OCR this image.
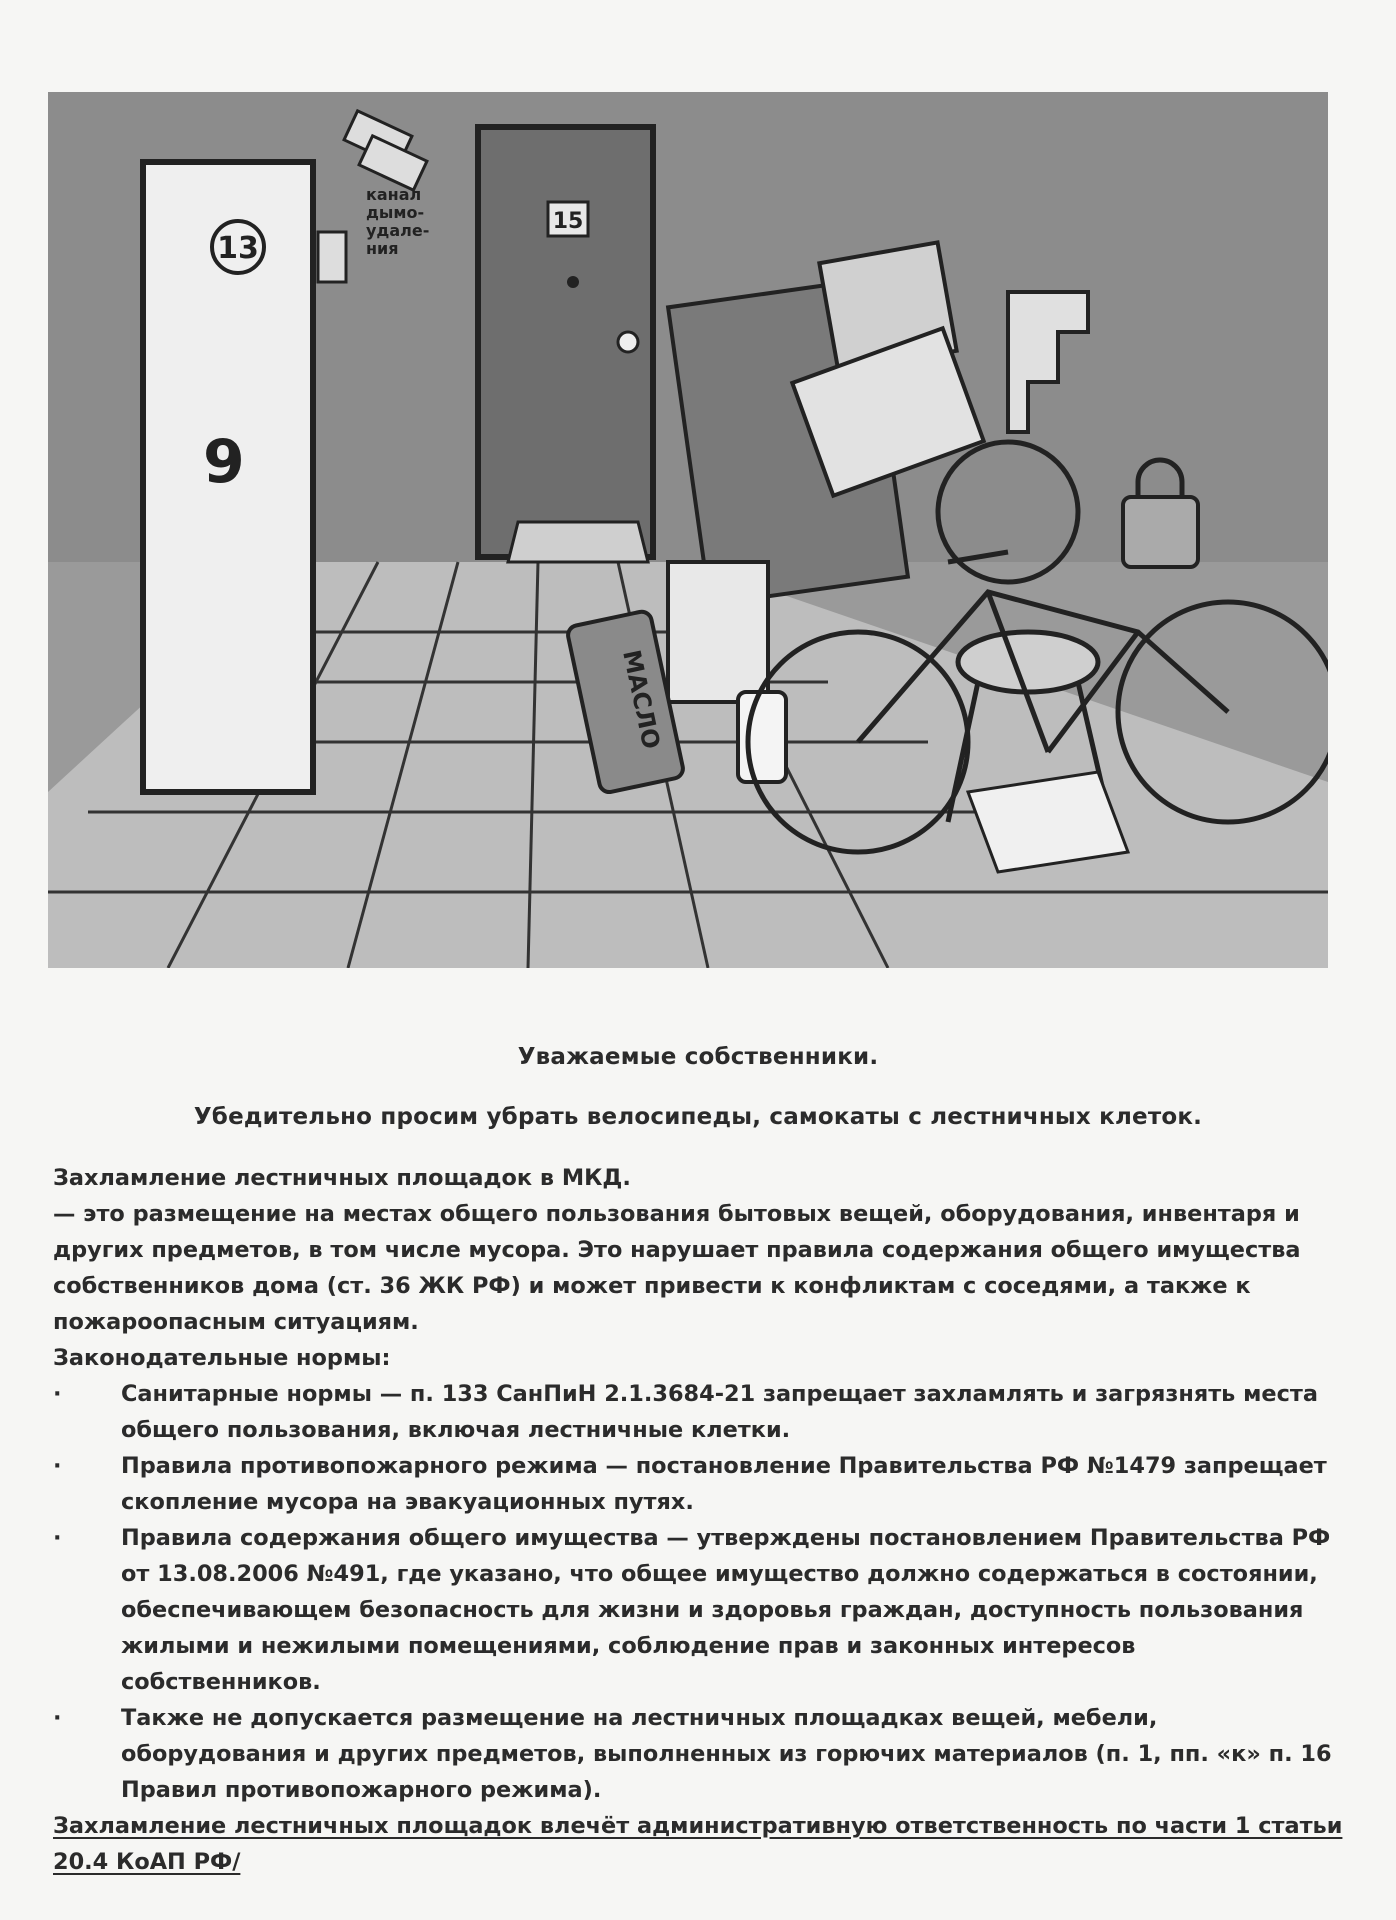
13
9
канал
дымо-
удале-
ния
15
МАСЛО
Уважаемые собственники.
Убедительно просим убрать велосипеды, самокаты с лестничных клеток.

Захламление лестничных площадок в МКД.

— это размещение на местах общего пользования бытовых вещей, оборудования, инвентаря и других предметов, в том числе мусора. Это нарушает правила содержания общего имущества собственников дома (ст. 36 ЖК РФ) и может привести к конфликтам с соседями, а также к пожароопасным ситуациям.

Законодательные нормы:

·	Санитарные нормы — п. 133 СанПиН 2.1.3684-21 запрещает захламлять и загрязнять места общего пользования, включая лестничные клетки.

·	Правила противопожарного режима — постановление Правительства РФ №1479 запрещает скопление мусора на эвакуационных путях.

·	Правила содержания общего имущества — утверждены постановлением Правительства РФ от 13.08.2006 №491, где указано, что общее имущество должно содержаться в состоянии, обеспечивающем безопасность для жизни и здоровья граждан, доступность пользования жилыми и нежилыми помещениями, соблюдение прав и законных интересов собственников.

·	Также не допускается размещение на лестничных площадках вещей, мебели, оборудования и других предметов, выполненных из горючих материалов (п. 1, пп. «к» п. 16 Правил противопожарного режима).

Захламление лестничных площадок влечёт административную ответственность по части 1 статьи 20.4 КоАП РФ/
